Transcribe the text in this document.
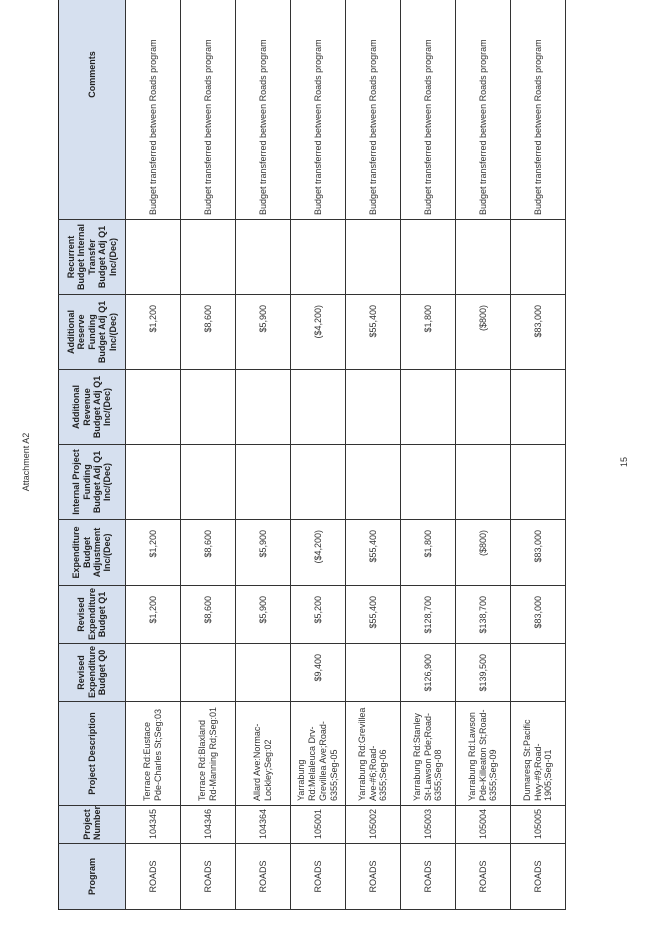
Attachment A2	15
Program	Project Number	Project Description	Revised Expenditure Budget Q0	Revised Expenditure Budget Q1	Expenditure Budget Adjustment Inc/(Dec)	Internal Project Funding Budget Adj Q1 Inc/(Dec)	Additional Revenue Budget Adj Q1 Inc/(Dec)	Additional Reserve Funding Budget Adj Q1 Inc/(Dec)	Recurrent Budget Internal Transfer Budget Adj Q1 Inc/(Dec)	Comments
ROADS	104345	Terrace Rd:Eustace Pde-Charles St;Seg:03		$1,200	$1,200			$1,200		Budget transferred between Roads program
ROADS	104346	Terrace Rd:Blaxland Rd-Manning Rd;Seg:01		$8,600	$8,600			$8,600		Budget transferred between Roads program
ROADS	104364	Allard Ave:Normac-Lockley;Seg:02		$5,900	$5,900			$5,900		Budget transferred between Roads program
ROADS	105001	Yarrabung Rd:Melaleuca Drv-Grevillea Ave;Road-6355;Seg-05	$9,400	$5,200	($4,200)			($4,200)		Budget transferred between Roads program
ROADS	105002	Yarrabung Rd:Grevillea Ave-#6;Road-6355;Seg-06		$55,400	$55,400			$55,400		Budget transferred between Roads program
ROADS	105003	Yarrabung Rd:Stanley St-Lawson Pde;Road-6355;Seg-08	$126,900	$128,700	$1,800			$1,800		Budget transferred between Roads program
ROADS	105004	Yarrabung Rd:Lawson Pde-Killeaton St;Road-6355;Seg-09	$139,500	$138,700	($800)			($800)		Budget transferred between Roads program
ROADS	105005	Dumaresq St:Pacific Hwy-#9;Road-1905;Seg-01		$83,000	$83,000			$83,000		Budget transferred between Roads program
